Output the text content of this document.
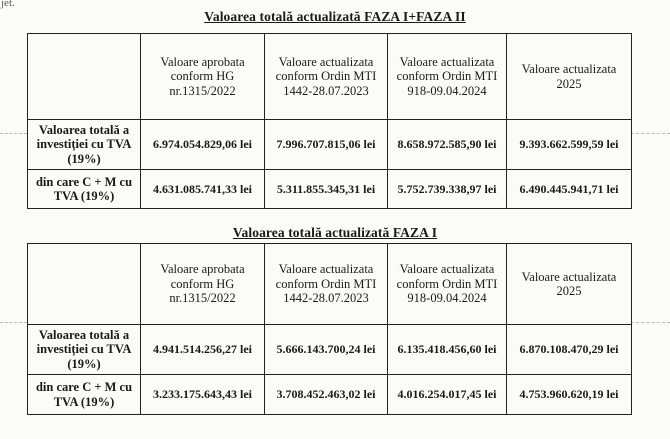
jet.
Valoarea totală actualizată FAZA I+FAZA II
	Valoare aprobata conform HG nr.1315/2022	Valoare actualizata conform Ordin MTI 1442-28.07.2023	Valoare actualizata conform Ordin MTI 918-09.04.2024	Valoare actualizata 2025
Valoarea totală a investiției cu TVA (19%)	6.974.054.829,06 lei	7.996.707.815,06 lei	8.658.972.585,90 lei	9.393.662.599,59 lei
din care C + M cu TVA (19%)	4.631.085.741,33 lei	5.311.855.345,31 lei	5.752.739.338,97 lei	6.490.445.941,71 lei
Valoarea totală actualizată FAZA I
	Valoare aprobata conform HG nr.1315/2022	Valoare actualizata conform Ordin MTI 1442-28.07.2023	Valoare actualizata conform Ordin MTI 918-09.04.2024	Valoare actualizata 2025
Valoarea totală a investiției cu TVA (19%)	4.941.514.256,27 lei	5.666.143.700,24 lei	6.135.418.456,60 lei	6.870.108.470,29 lei
din care C + M cu TVA (19%)	3.233.175.643,43 lei	3.708.452.463,02 lei	4.016.254.017,45 lei	4.753.960.620,19 lei
